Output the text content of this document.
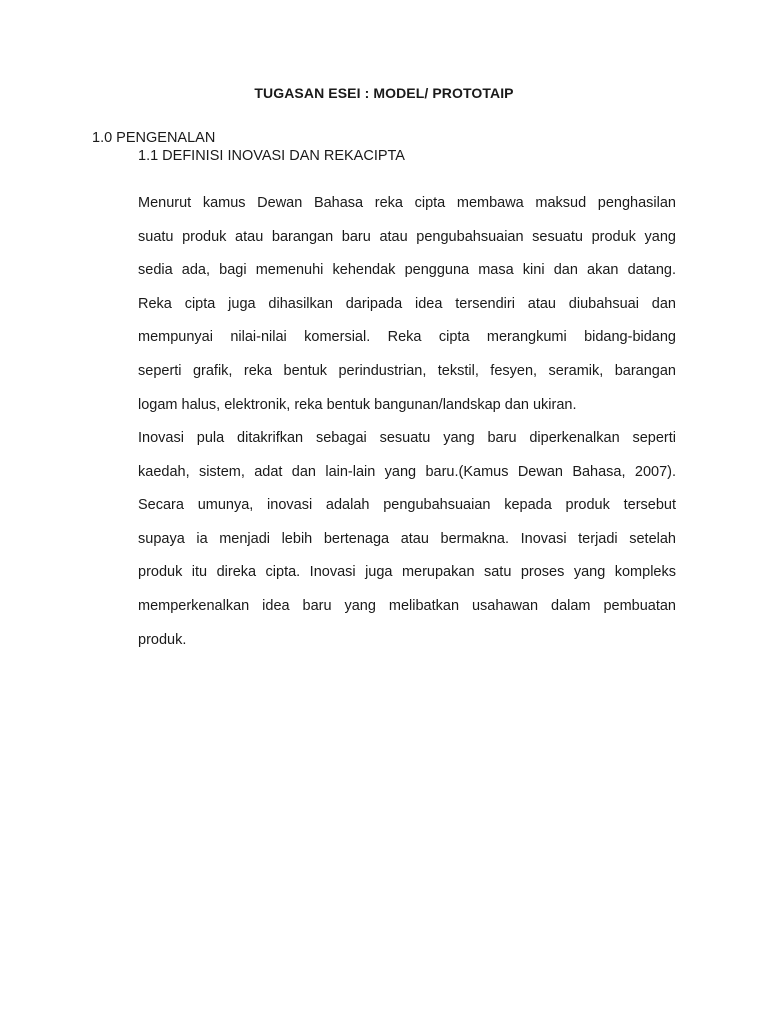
TUGASAN ESEI : MODEL/ PROTOTAIP
1.0 PENGENALAN
1.1 DEFINISI INOVASI DAN REKACIPTA
Menurut kamus Dewan Bahasa reka cipta membawa maksud penghasilan
suatu produk atau barangan baru atau pengubahsuaian sesuatu produk yang
sedia ada, bagi memenuhi kehendak pengguna masa kini dan akan datang.
Reka cipta juga dihasilkan daripada idea tersendiri atau diubahsuai dan
mempunyai nilai-nilai komersial. Reka cipta merangkumi bidang-bidang
seperti grafik, reka bentuk perindustrian, tekstil, fesyen, seramik, barangan
logam halus, elektronik, reka bentuk bangunan/landskap dan ukiran.
Inovasi pula ditakrifkan sebagai sesuatu yang baru diperkenalkan seperti
kaedah, sistem, adat dan lain-lain yang baru.(Kamus Dewan Bahasa, 2007).
Secara umunya, inovasi adalah pengubahsuaian kepada produk tersebut
supaya ia menjadi lebih bertenaga atau bermakna. Inovasi terjadi setelah
produk itu direka cipta. Inovasi juga merupakan satu proses yang kompleks
memperkenalkan idea baru yang melibatkan usahawan dalam pembuatan
produk.
